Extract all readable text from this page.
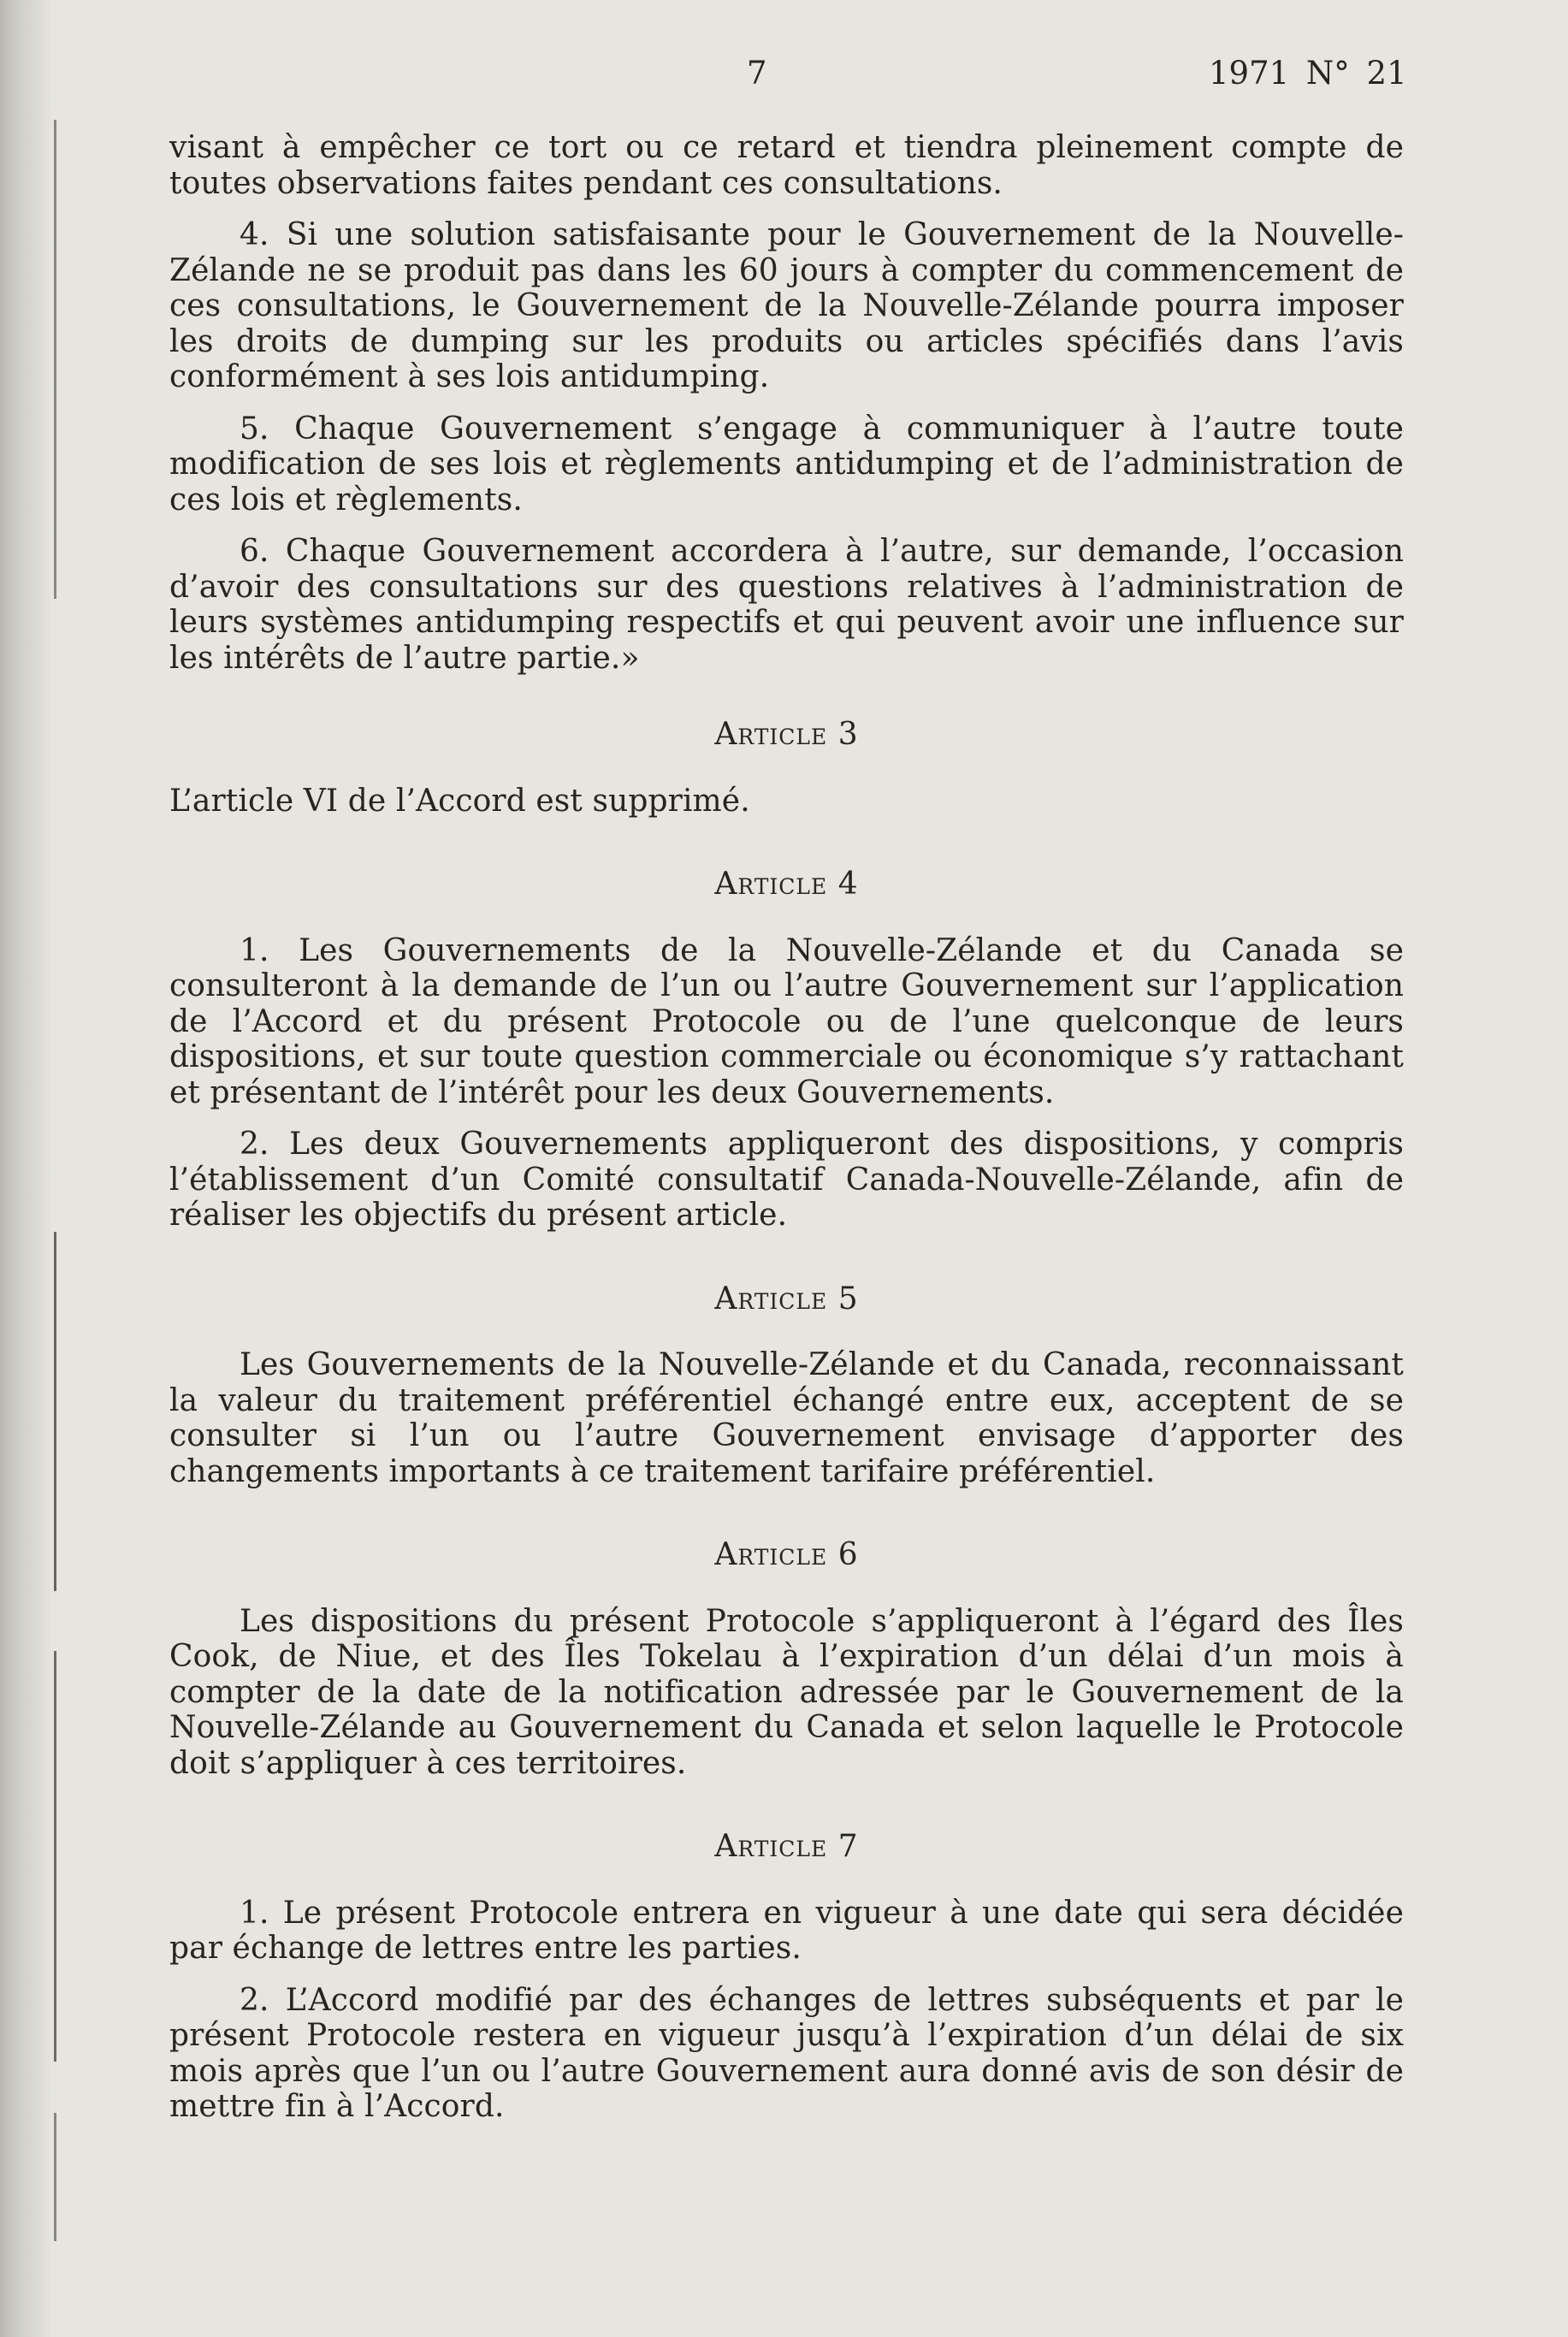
7	1971 N° 21

visant à empêcher ce tort ou ce retard et tiendra pleinement compte de toutes observations faites pendant ces consultations.

4. Si une solution satisfaisante pour le Gouvernement de la Nouvelle-Zélande ne se produit pas dans les 60 jours à compter du commencement de ces consultations, le Gouvernement de la Nouvelle-Zélande pourra imposer les droits de dumping sur les produits ou articles spécifiés dans l’avis conformément à ses lois antidumping.

5. Chaque Gouvernement s’engage à communiquer à l’autre toute modification de ses lois et règlements antidumping et de l’administration de ces lois et règlements.

6. Chaque Gouvernement accordera à l’autre, sur demande, l’occasion d’avoir des consultations sur des questions relatives à l’administration de leurs systèmes antidumping respectifs et qui peuvent avoir une influence sur les intérêts de l’autre partie.»

Article 3

L’article VI de l’Accord est supprimé.

Article 4

1. Les Gouvernements de la Nouvelle-Zélande et du Canada se consulteront à la demande de l’un ou l’autre Gouvernement sur l’application de l’Accord et du présent Protocole ou de l’une quelconque de leurs dispositions, et sur toute question commerciale ou économique s’y rattachant et présentant de l’intérêt pour les deux Gouvernements.

2. Les deux Gouvernements appliqueront des dispositions, y compris l’établissement d’un Comité consultatif Canada-Nouvelle-Zélande, afin de réaliser les objectifs du présent article.

Article 5

Les Gouvernements de la Nouvelle-Zélande et du Canada, reconnaissant la valeur du traitement préférentiel échangé entre eux, acceptent de se consulter si l’un ou l’autre Gouvernement envisage d’apporter des changements importants à ce traitement tarifaire préférentiel.

Article 6

Les dispositions du présent Protocole s’appliqueront à l’égard des Îles Cook, de Niue, et des Îles Tokelau à l’expiration d’un délai d’un mois à compter de la date de la notification adressée par le Gouvernement de la Nouvelle-Zélande au Gouvernement du Canada et selon laquelle le Protocole doit s’appliquer à ces territoires.

Article 7

1. Le présent Protocole entrera en vigueur à une date qui sera décidée par échange de lettres entre les parties.

2. L’Accord modifié par des échanges de lettres subséquents et par le présent Protocole restera en vigueur jusqu’à l’expiration d’un délai de six mois après que l’un ou l’autre Gouvernement aura donné avis de son désir de mettre fin à l’Accord.
